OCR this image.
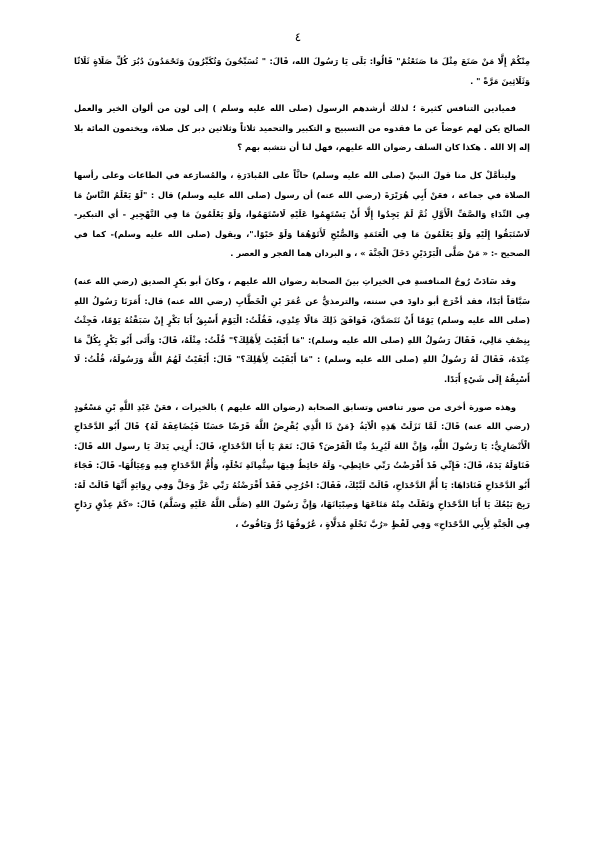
٤

مِنْكُمْ إِلَّا مَنْ صَنَعَ مِثْلَ مَا صَنَعْتُمْ" قَالُوا: بَلَى يَا رَسُولَ الله، قَالَ: " تُسَبِّحُونَ وَتُكَبِّرُونَ وَتَحْمَدُونَ دُبُرَ كُلِّ صَلَاةٍ ثَلَاثًا وَثَلَاثِينَ مَرَّةً " .

فميادين التنافس كثيرة ؛ لذلك أرشدهم الرسول (صلى الله عليه وسلم ) إلى لون من ألوان الخير والعمل الصالح يكن لهم عوضاً عن ما فقدوه من التسبيح و التكبير والتحميد ثلاثاً وثلاثين دبر كل صلاة، ويختمون المائة بلا إله إلا الله . هكذا كان السلف رضوان الله عليهم، فهل لنا أن نتشبه بهم ؟

وليتأمَّلْ كل منا قولَ النبيِّ (صلى الله عليه وسلم) حاثَّاً على المُبادَرَةِ ، والمُسارَعة في الطاعات وعلى رأسها الصلاة في جماعة ، فعَنْ أَبِي هُرَيْرَةَ (رضي الله عنه) أن رسول (صلى الله عليه وسلم) قال : "لَوْ يَعْلَمُ النَّاسُ مَا فِي النِّدَاءِ وَالصَّفِّ الْأَوَّلِ ثُمَّ لَمْ يَجِدُوا إِلَّا أَنْ يَسْتَهِمُوا عَلَيْهِ لَاسْتَهَمُوا، وَلَوْ يَعْلَمُونَ مَا فِي التَّهْجِيرِ - أي التبكير- لَاسْتَبَقُوا إِلَيْهِ وَلَوْ يَعْلَمُونَ مَا فِي الْعَتَمَةِ وَالصُّبْحِ لَأَتَوْهُمَا وَلَوْ حَبْوًا."، ويقول (صلى الله عليه وسلم)- كما في الصحيح -: « مَنْ صَلَّى الْبَرْدَيْنِ دَخَلَ الْجَنَّةَ » ، و البردان هما الفجر و العصر .

وقد سَادَتْ رُوحُ المنافسةِ في الخيراتِ بينَ الصحابة رضوان الله عليهم ، وكانَ أبو بكرٍ الصديق (رضي الله عنه) سَبَّاقاً أبَدًا، فقد أخْرَجَ أبو داودَ في سننه، والترمذيُّ عن عُمَرَ بْنِ الْخَطَّابِ (رضي الله عنه) قال: أَمَرَنَا رَسُولُ اللهِ (صلى الله عليه وسلم) يَوْمًا أَنْ نَتَصَدَّقَ، فَوَافَقَ ذَلِكَ مَالًا عِنْدِي، فَقُلْتُ: الْيَوْمَ أَسْبِقُ أَبَا بَكْرٍ إِنْ سَبَقْتُهُ يَوْمًا، فَجِئْتُ بِنِصْفِ مَالِي، فَقَالَ رَسُولُ اللهِ (صلى الله عليه وسلم): "مَا أَبْقَيْتَ لِأَهْلِكَ؟" قُلْتُ: مِثْلَهُ، قَالَ: وَأَتَى أَبُو بَكْرٍ بِكُلِّ مَا عِنْدَهُ، فَقَالَ لَهُ رَسُولُ اللهِ (صلى الله عليه وسلم) : "مَا أَبْقَيْتَ لِأَهْلِكَ؟" قَالَ: أَبْقَيْتُ لَهُمُ اللَّهَ وَرَسُولَهُ، قُلْتُ: لَا أَسْبِقُهُ إِلَى شَيْءٍ أَبَدًا.

وهذه صورة أخرى من صور تنافس وتسابق الصحابة (رضوان الله عليهم ) بالخيرات ، فعَنْ عَبْدِ اللَّهِ بْنِ مَسْعُودٍ (رضي الله عنه) قَالَ: لَمَّا نَزَلَتْ هَذِهِ الْآيَةُ {مَنْ ذَا الَّذِي يُقْرِضُ اللَّهَ قَرْضًا حَسَنًا فَيُضَاعِفَهُ لَهُ} قَالَ أَبُو الدَّحْدَاحِ الْأَنْصَارِيُّ: يَا رَسُولَ اللَّهِ، وَإِنَّ اللهَ لَيُرِيدُ مِنَّا الْقَرْضَ؟ قَالَ: نَعَمْ يَا أَبَا الدَّحْدَاحِ، قَالَ: أَرِنِي يَدَكَ يَا رسول الله قَالَ: فَنَاوَلَهُ يَدَهُ، قَالَ: فَإِنِّي قَدْ أَقْرَضْتُ رَبِّي حَائِطِي- وَلَهُ حَائِطٌ فِيهَا سِتُّمِائَةِ نَخْلَةٍ، وَأُمُّ الدَّحْدَاحِ فِيهِ وَعِيَالُهَا- قَالَ: فَجَاءَ أَبُو الدَّحْدَاحِ فَنَادَاهَا: يَا أُمَّ الدَّحْدَاحِ، قَالَتْ لَبَّيْكَ، فَقَالَ: اخْرُجِي فَقَدْ أَقْرَضْتُهُ رَبِّي عَزَّ وَجَلَّ وَفِي رِوَايَةٍ أَنَّهَا قَالَتْ لَهُ: رَبِحَ بَيْعُكَ يَا أَبَا الدَّحْدَاحِ وَنَقَلَتْ مِنْهُ مَتَاعَهَا وَصِبْيَانَهَا، وَإِنَّ رَسُولَ اللهِ (صَلَّى اللَّهُ عَلَيْهِ وَسَلَّمَ) قَالَ: «كَمْ عِذْقٍ رَدَاحٍ فِي الْجَنَّةِ لِأَبِي الدَّحْدَاحِ» وَفِي لَفْظٍ «رُبَّ نَخْلَةٍ مُدَلَّاةٍ ، عُرُوقُهَا دُرٌّ وَيَاقُوتٌ ،
